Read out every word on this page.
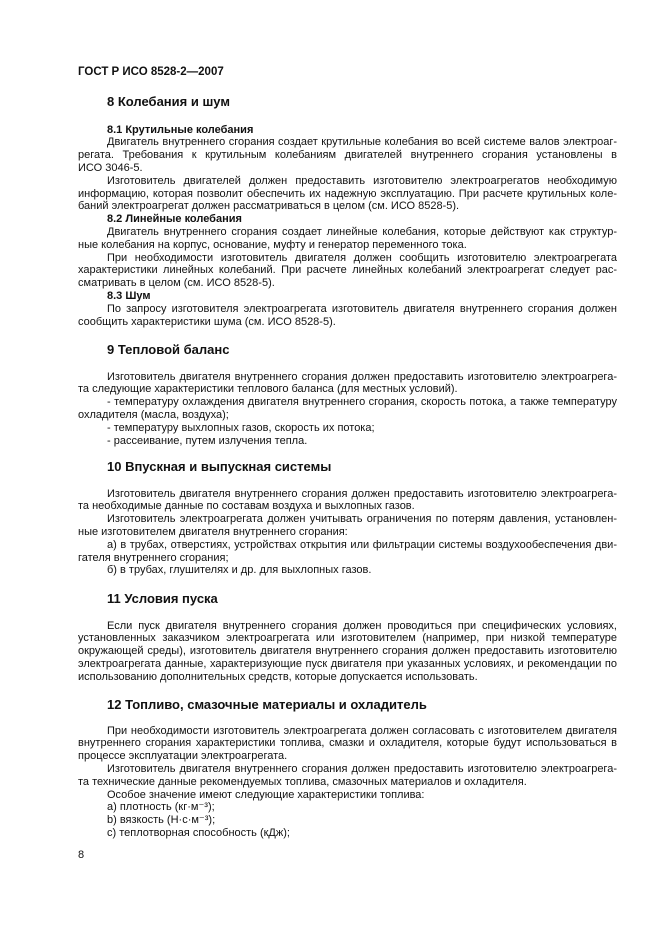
ГОСТ Р ИСО 8528-2—2007
8 Колебания и шум
8.1 Крутильные колебания
Двигатель внутреннего сгорания создает крутильные колебания во всей системе валов электроаг-
регата. Требования к крутильным колебаниям двигателей внутреннего сгорания установлены в
ИСО 3046-5.
Изготовитель двигателей должен предоставить изготовителю электроагрегатов необходимую
информацию, которая позволит обеспечить их надежную эксплуатацию. При расчете крутильных коле-
баний электроагрегат должен рассматриваться в целом (см. ИСО 8528-5).
8.2 Линейные колебания
Двигатель внутреннего сгорания создает линейные колебания, которые действуют как структур-
ные колебания на корпус, основание, муфту и генератор переменного тока.
При необходимости изготовитель двигателя должен сообщить изготовителю электроагрегата
характеристики линейных колебаний. При расчете линейных колебаний электроагрегат следует рас-
сматривать в целом (см. ИСО 8528-5).
8.3 Шум
По запросу изготовителя электроагрегата изготовитель двигателя внутреннего сгорания должен
сообщить характеристики шума (см. ИСО 8528-5).
9 Тепловой баланс
Изготовитель двигателя внутреннего сгорания должен предоставить изготовителю электроагрега-
та следующие характеристики теплового баланса (для местных условий).
- температуру охлаждения двигателя внутреннего сгорания, скорость потока, а также температуру
охладителя (масла, воздуха);
- температуру выхлопных газов, скорость их потока;
- рассеивание, путем излучения тепла.
10 Впускная и выпускная системы
Изготовитель двигателя внутреннего сгорания должен предоставить изготовителю электроагрега-
та необходимые данные по составам воздуха и выхлопных газов.
Изготовитель электроагрегата должен учитывать ограничения по потерям давления, установлен-
ные изготовителем двигателя внутреннего сгорания:
а) в трубах, отверстиях, устройствах открытия или фильтрации системы воздухообеспечения дви-
гателя внутреннего сгорания;
б) в трубах, глушителях и др. для выхлопных газов.
11 Условия пуска
Если пуск двигателя внутреннего сгорания должен проводиться при специфических условиях,
установленных заказчиком электроагрегата или изготовителем (например, при низкой температуре
окружающей среды), изготовитель двигателя внутреннего сгорания должен предоставить изготовителю
электроагрегата данные, характеризующие пуск двигателя при указанных условиях, и рекомендации по
использованию дополнительных средств, которые допускается использовать.
12 Топливо, смазочные материалы и охладитель
При необходимости изготовитель электроагрегата должен согласовать с изготовителем двигателя
внутреннего сгорания характеристики топлива, смазки и охладителя, которые будут использоваться в
процессе эксплуатации электроагрегата.
Изготовитель двигателя внутреннего сгорания должен предоставить изготовителю электроагрега-
та технические данные рекомендуемых топлива, смазочных материалов и охладителя.
Особое значение имеют следующие характеристики топлива:
а) плотность (кг·м⁻³);
b) вязкость (Н·с·м⁻³);
с) теплотворная способность (кДж);
8
